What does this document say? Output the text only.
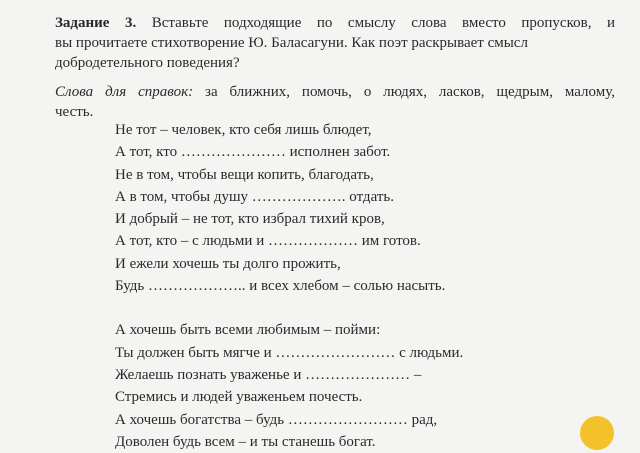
Задание 3. Вставьте подходящие по смыслу слова вместо пропусков, и
вы прочитаете стихотворение Ю. Баласагуни. Как поэт раскрывает смысл
добродетельного поведения?
Слова для справок: за ближних, помочь, о людях, ласков, щедрым, малому,
честь.
Не тот – человек, кто себя лишь блюдет,
А тот, кто ………………… исполнен забот.
Не в том, чтобы вещи копить, благодать,
А в том, чтобы душу ………………. отдать.
И добрый – не тот, кто избрал тихий кров,
А тот, кто – с людьми и ……………… им готов.
И ежели хочешь ты долго прожить,
Будь ……………….. и всех хлебом – солью насыть.
А хочешь быть всеми любимым – пойми:
Ты должен быть мягче и …………………… с людьми.
Желаешь познать уваженье и ………………… –
Стремись и людей уваженьем почесть.
А хочешь богатства – будь …………………… рад,
Доволен будь всем – и ты станешь богат.
